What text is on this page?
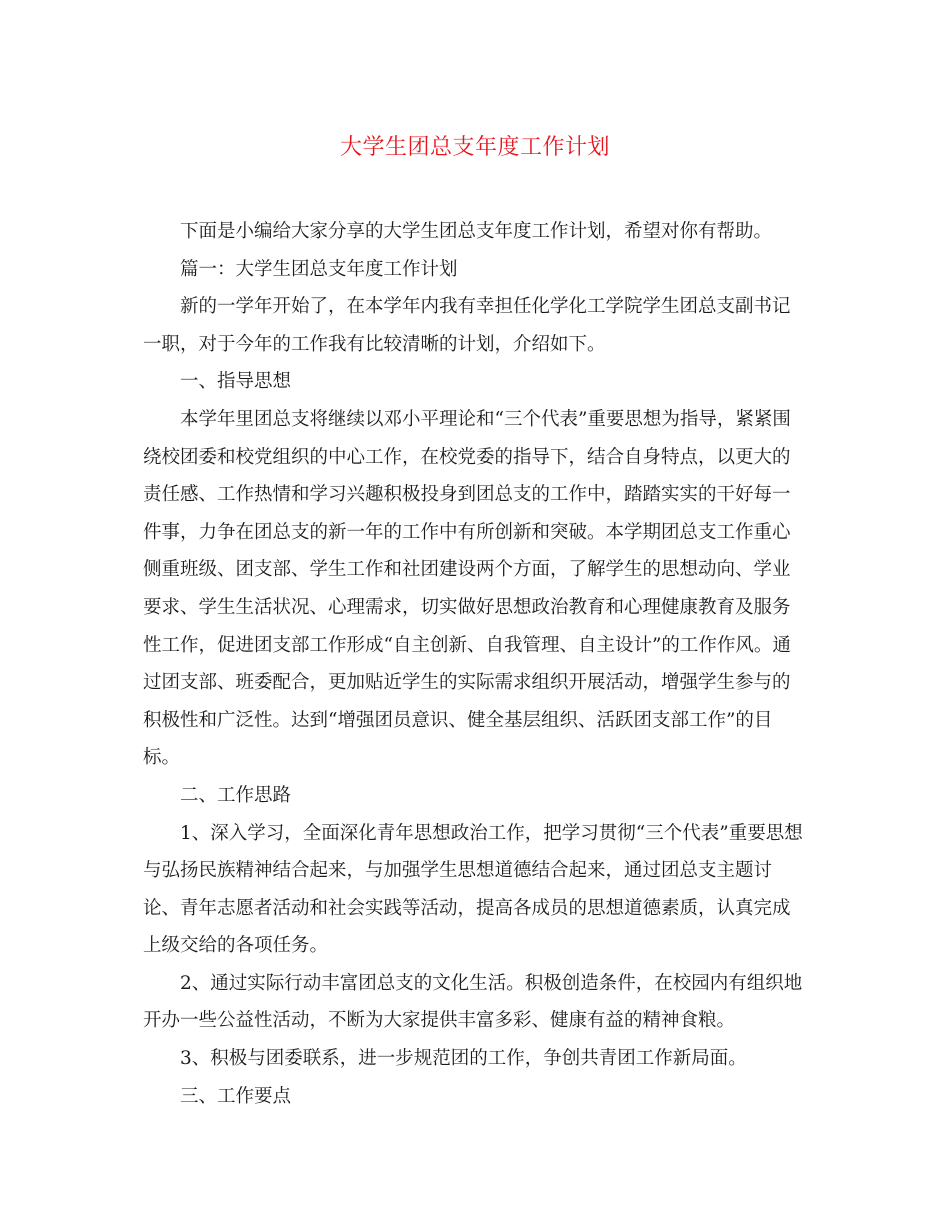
大学生团总支年度工作计划
下面是小编给大家分享的大学生团总支年度工作计划，希望对你有帮助。
篇一：大学生团总支年度工作计划
新的一学年开始了，在本学年内我有幸担任化学化工学院学生团总支副书记
一职，对于今年的工作我有比较清晰的计划，介绍如下。
一、指导思想
本学年里团总支将继续以邓小平理论和“三个代表”重要思想为指导，紧紧围
绕校团委和校党组织的中心工作，在校党委的指导下，结合自身特点，以更大的
责任感、工作热情和学习兴趣积极投身到团总支的工作中，踏踏实实的干好每一
件事，力争在团总支的新一年的工作中有所创新和突破。本学期团总支工作重心
侧重班级、团支部、学生工作和社团建设两个方面，了解学生的思想动向、学业
要求、学生生活状况、心理需求，切实做好思想政治教育和心理健康教育及服务
性工作，促进团支部工作形成“自主创新、自我管理、自主设计”的工作作风。通
过团支部、班委配合，更加贴近学生的实际需求组织开展活动，增强学生参与的
积极性和广泛性。达到“增强团员意识、健全基层组织、活跃团支部工作”的目
标。
二、工作思路
1、深入学习，全面深化青年思想政治工作，把学习贯彻“三个代表”重要思想
与弘扬民族精神结合起来，与加强学生思想道德结合起来，通过团总支主题讨
论、青年志愿者活动和社会实践等活动，提高各成员的思想道德素质，认真完成
上级交给的各项任务。
2、通过实际行动丰富团总支的文化生活。积极创造条件，在校园内有组织地
开办一些公益性活动，不断为大家提供丰富多彩、健康有益的精神食粮。
3、积极与团委联系，进一步规范团的工作，争创共青团工作新局面。
三、工作要点
